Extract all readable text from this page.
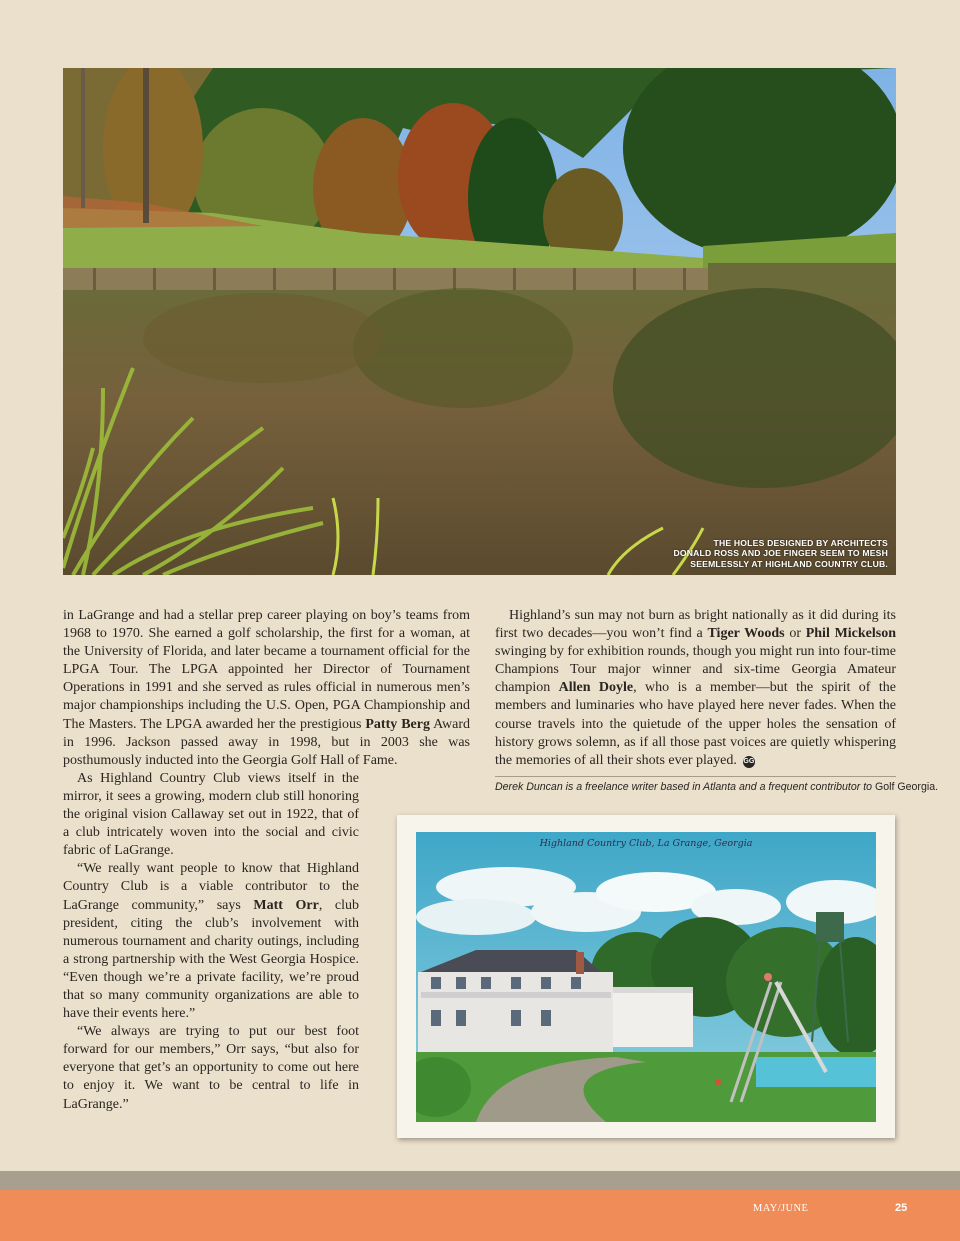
THE HOLES DESIGNED BY ARCHITECTS
DONALD ROSS AND JOE FINGER SEEM TO MESH
SEEMLESSLY AT HIGHLAND COUNTRY CLUB.

in LaGrange and had a stellar prep career playing on boy’s teams from 1968 to 1970. She earned a golf scholarship, the first for a woman, at the University of Florida, and later became a tournament official for the LPGA Tour. The LPGA appointed her Director of Tournament Operations in 1991 and she served as rules official in numerous men’s major championships including the U.S. Open, PGA Championship and The Masters. The LPGA awarded her the prestigious Patty Berg Award in 1996. Jackson passed away in 1998, but in 2003 she was posthumously inducted into the Georgia Golf Hall of Fame.

As Highland Country Club views itself in the mirror, it sees a growing, modern club still honoring the original vision Callaway set out in 1922, that of a club intricately woven into the social and civic fabric of LaGrange.

“We really want people to know that Highland Country Club is a viable contributor to the LaGrange community,” says Matt Orr, club president, citing the club’s involvement with numerous tournament and charity outings, including a strong partnership with the West Georgia Hospice. “Even though we’re a private facility, we’re proud that so many community organizations are able to have their events here.”

“We always are trying to put our best foot forward for our members,” Orr says, “but also for everyone that get’s an opportunity to come out here to enjoy it. We want to be central to life in LaGrange.”

Highland’s sun may not burn as bright nationally as it did during its first two decades—you won’t find a Tiger Woods or Phil Mickelson swinging by for exhibition rounds, though you might run into four-time Champions Tour major winner and six-time Georgia Amateur champion Allen Doyle, who is a member—but the spirit of the members and luminaries who have played here never fades. When the course travels into the quietude of the upper holes the sensation of history grows solemn, as if all those past voices are quietly whispering the memories of all their shots ever played. GG

Derek Duncan is a freelance writer based in Atlanta and a frequent contributor to Golf Georgia.
Highland Country Club, La Grange, Georgia
MAY/JUNE	25
